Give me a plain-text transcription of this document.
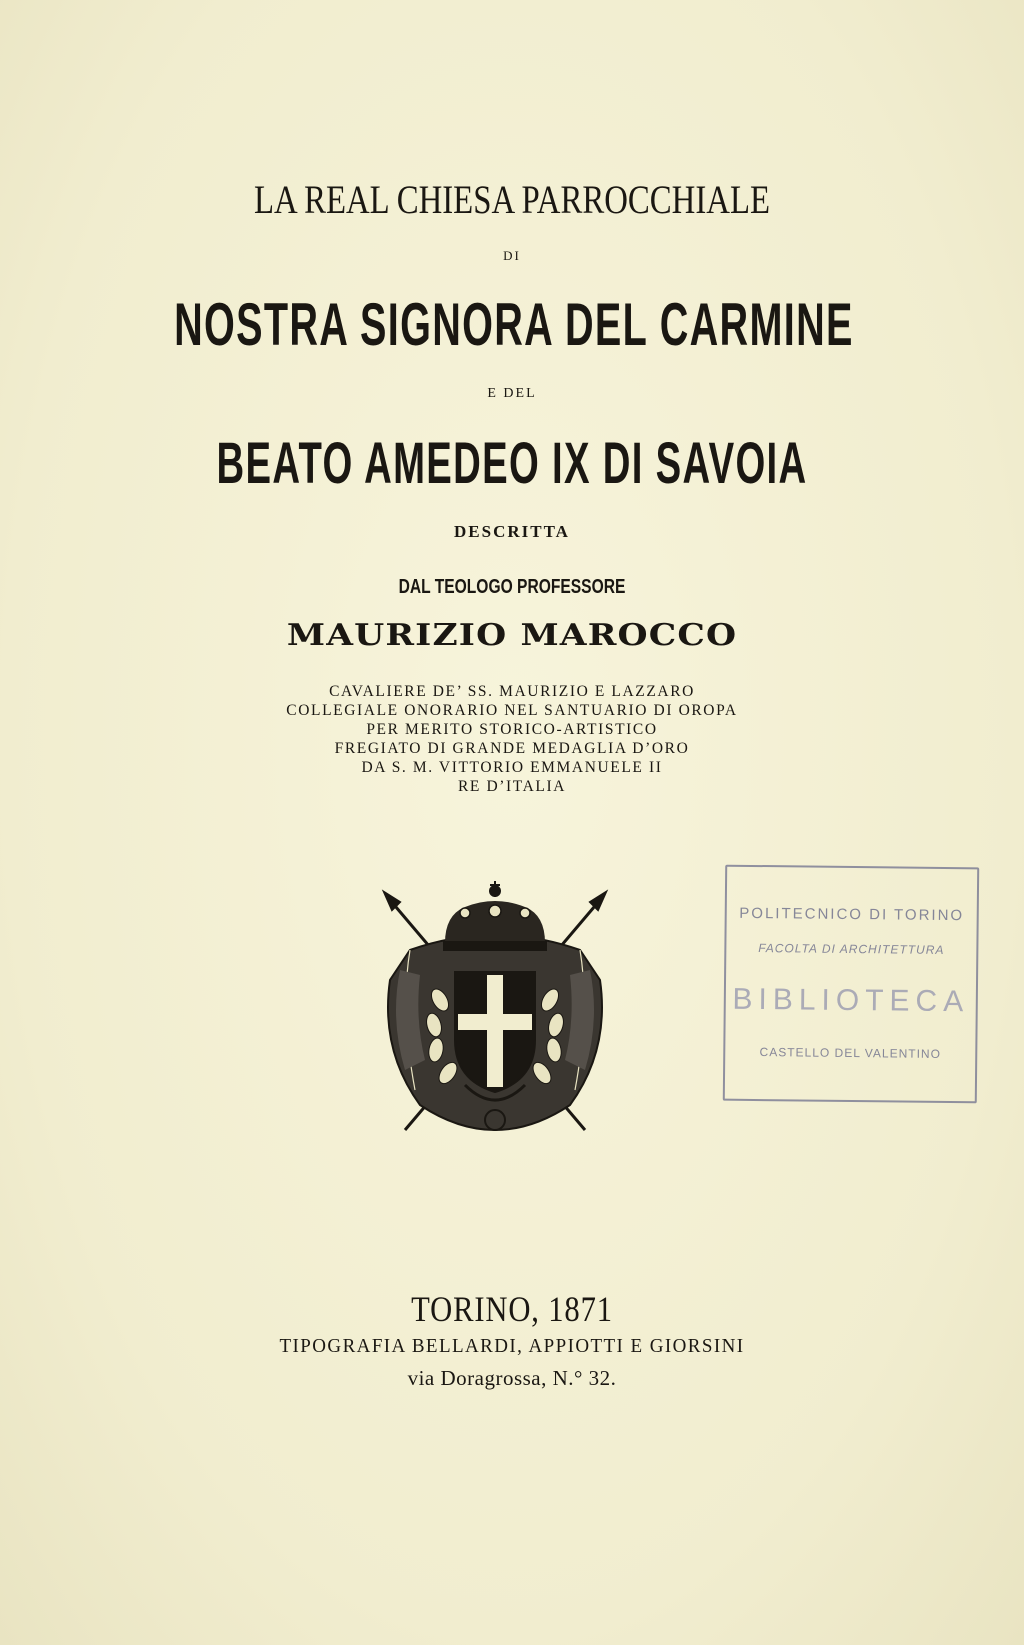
LA REAL CHIESA PARROCCHIALE
DI
NOSTRA SIGNORA DEL CARMINE
E DEL
BEATO AMEDEO IX DI SAVOIA
DESCRITTA
DAL TEOLOGO PROFESSORE
MAURIZIO MAROCCO
CAVALIERE DE’ SS. MAURIZIO E LAZZARO
COLLEGIALE ONORARIO NEL SANTUARIO DI OROPA
PER MERITO STORICO-ARTISTICO
FREGIATO DI GRANDE MEDAGLIA D’ORO
DA S. M. VITTORIO EMMANUELE II
RE D’ITALIA
POLITECNICO DI TORINO
FACOLTA DI ARCHITETTURA
BIBLIOTECA
CASTELLO DEL VALENTINO
TORINO, 1871
TIPOGRAFIA BELLARDI, APPIOTTI E GIORSINI
via Doragrossa, N.° 32.
